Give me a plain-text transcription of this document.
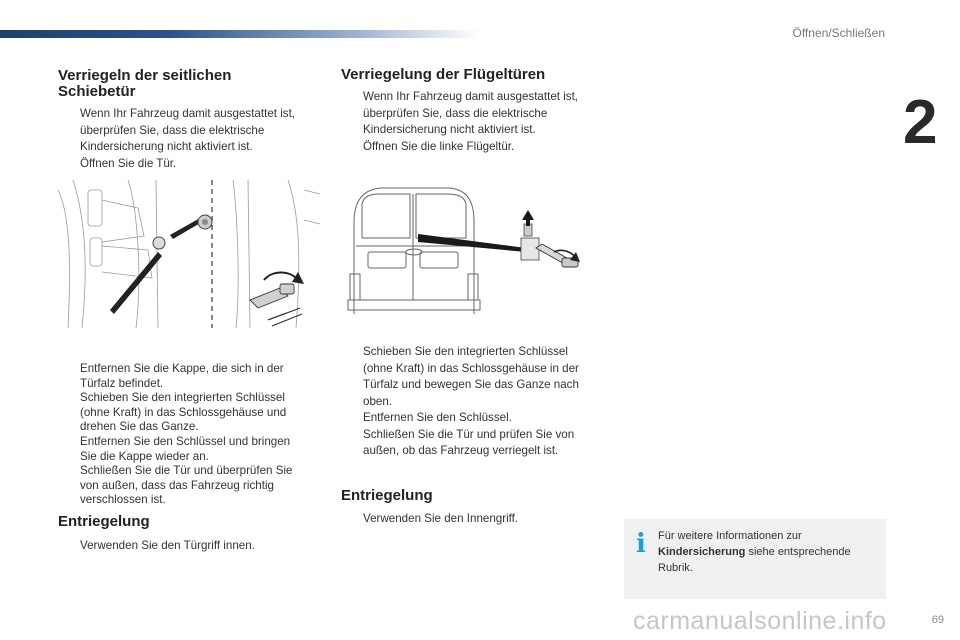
Öffnen/Schließen
2
Verriegeln der seitlichen
Schiebetür
Wenn Ihr Fahrzeug damit ausgestattet ist, überprüfen Sie, dass die elektrische Kindersicherung nicht aktiviert ist.
Öffnen Sie die Tür.
Entfernen Sie die Kappe, die sich in der Türfalz befindet.
Schieben Sie den integrierten Schlüssel (ohne Kraft) in das Schlossgehäuse und drehen Sie das Ganze.
Entfernen Sie den Schlüssel und bringen Sie die Kappe wieder an.
Schließen Sie die Tür und überprüfen Sie von außen, dass das Fahrzeug richtig verschlossen ist.
Entriegelung
Verwenden Sie den Türgriff innen.
Verriegelung der Flügeltüren
Wenn Ihr Fahrzeug damit ausgestattet ist, überprüfen Sie, dass die elektrische Kindersicherung nicht aktiviert ist.
Öffnen Sie die linke Flügeltür.
Schieben Sie den integrierten Schlüssel (ohne Kraft) in das Schlossgehäuse in der Türfalz und bewegen Sie das Ganze nach oben.
Entfernen Sie den Schlüssel.
Schließen Sie die Tür und prüfen Sie von außen, ob das Fahrzeug verriegelt ist.
Entriegelung
Verwenden Sie den Innengriff.
i Für weitere Informationen zur
Kindersicherung siehe entsprechende Rubrik.
carmanualsonline.info	69
